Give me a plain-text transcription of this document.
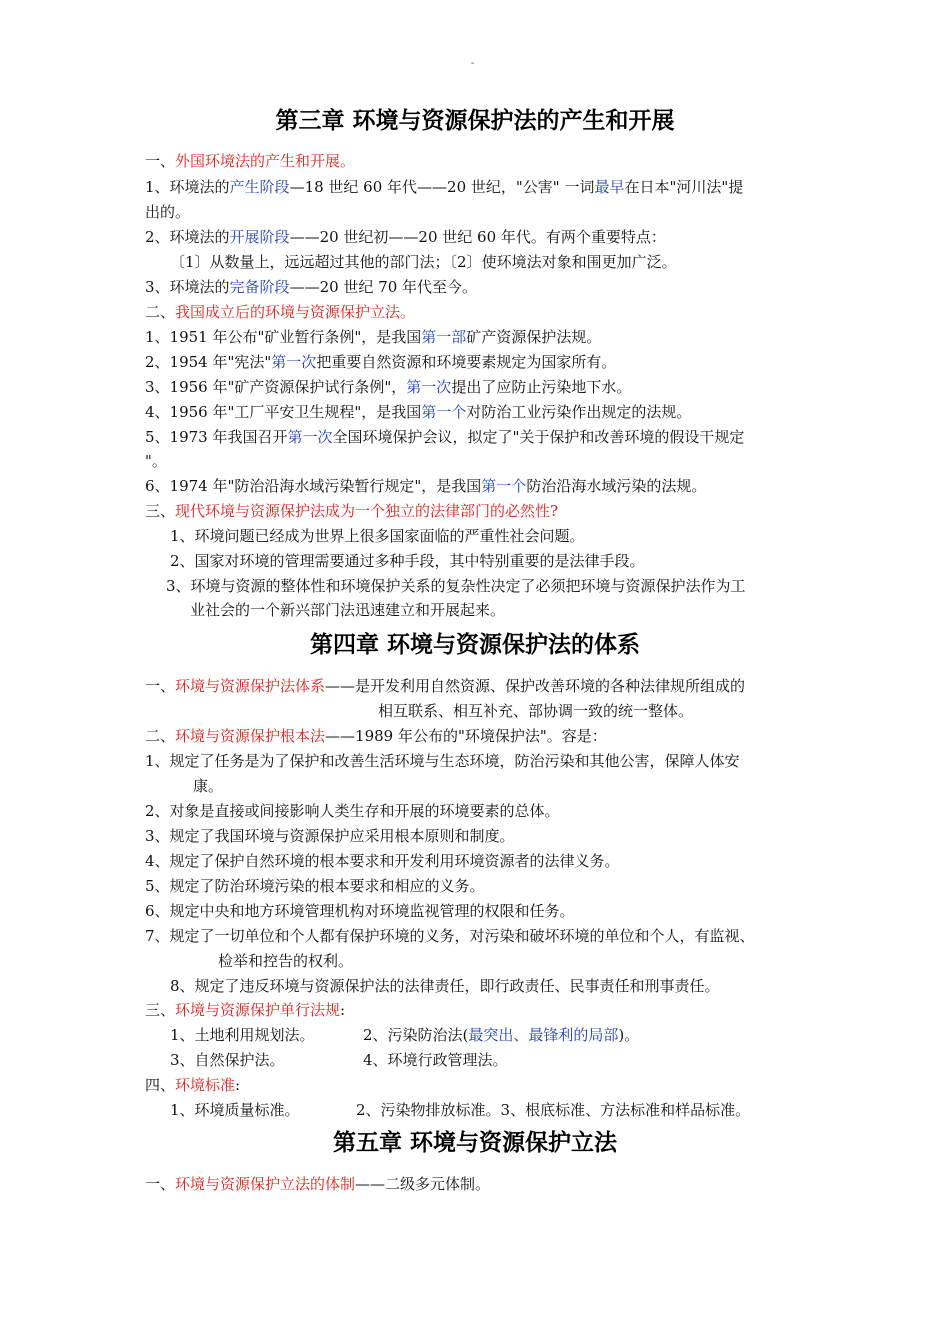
-
第三章 环境与资源保护法的产生和开展
一、外国环境法的产生和开展。
1、环境法的产生阶段—18 世纪 60 年代——20 世纪，"公害" 一词最早在日本"河川法"提
出的。
2、环境法的开展阶段——20 世纪初——20 世纪 60 年代。有两个重要特点：
〔1〕从数量上，远远超过其他的部门法；〔2〕使环境法对象和围更加广泛。
3、环境法的完备阶段——20 世纪 70 年代至今。
二、我国成立后的环境与资源保护立法。
1、1951 年公布"矿业暂行条例"，是我国第一部矿产资源保护法规。
2、1954 年"宪法"第一次把重要自然资源和环境要素规定为国家所有。
3、1956 年"矿产资源保护试行条例"，第一次提出了应防止污染地下水。
4、1956 年"工厂平安卫生规程"，是我国第一个对防治工业污染作出规定的法规。
5、1973 年我国召开第一次全国环境保护会议，拟定了"关于保护和改善环境的假设干规定
"。
6、1974 年"防治沿海水域污染暂行规定"，是我国第一个防治沿海水域污染的法规。
三、现代环境与资源保护法成为一个独立的法律部门的必然性?
1、环境问题已经成为世界上很多国家面临的严重性社会问题。
2、国家对环境的管理需要通过多种手段，其中特别重要的是法律手段。
3、环境与资源的整体性和环境保护关系的复杂性决定了必须把环境与资源保护法作为工
业社会的一个新兴部门法迅速建立和开展起来。
第四章 环境与资源保护法的体系
一、环境与资源保护法体系——是开发利用自然资源、保护改善环境的各种法律规所组成的
相互联系、相互补充、部协调一致的统一整体。
二、环境与资源保护根本法——1989 年公布的"环境保护法"。容是：
1、规定了任务是为了保护和改善生活环境与生态环境，防治污染和其他公害，保障人体安
康。
2、对象是直接或间接影响人类生存和开展的环境要素的总体。
3、规定了我国环境与资源保护应采用根本原则和制度。
4、规定了保护自然环境的根本要求和开发利用环境资源者的法律义务。
5、规定了防治环境污染的根本要求和相应的义务。
6、规定中央和地方环境管理机构对环境监视管理的权限和任务。
7、规定了一切单位和个人都有保护环境的义务，对污染和破坏环境的单位和个人，有监视、
检举和控告的权利。
8、规定了违反环境与资源保护法的法律责任，即行政责任、民事责任和刑事责任。
三、环境与资源保护单行法规:
1、土地利用规划法。	2、污染防治法(最突出、最锋利的局部)。
3、自然保护法。	4、环境行政管理法。
四、环境标准:
1、环境质量标准。	2、污染物排放标准。3、根底标准、方法标准和样品标准。
第五章 环境与资源保护立法
一、环境与资源保护立法的体制——二级多元体制。
